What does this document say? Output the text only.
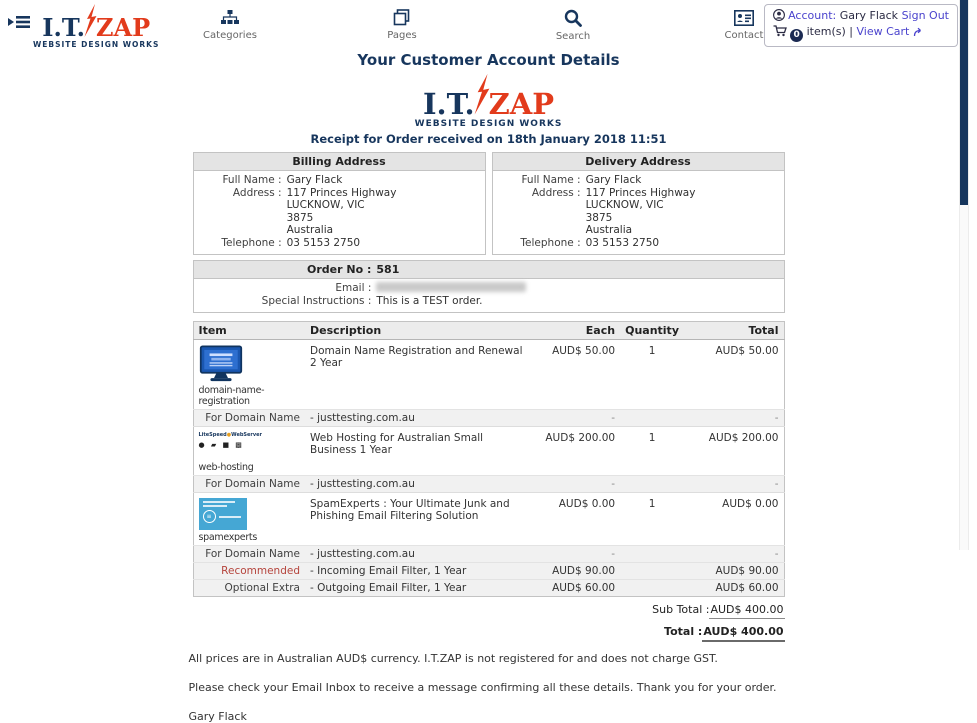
I.T. ZAP
WEBSITE DESIGN WORKS
Categories	Pages	Search	Contact
Account: Gary Flack Sign Out
0 item(s) | View Cart
Your Customer Account Details
I.T. ZAP
WEBSITE DESIGN WORKS
Receipt for Order received on 18th January 2018 11:51
Billing Address
Full Name : Gary Flack
Address : 117 Princes Highway
LUCKNOW, VIC
3875
Australia
Telephone : 03 5153 2750
Delivery Address
Full Name : Gary Flack
Address : 117 Princes Highway
LUCKNOW, VIC
3875
Australia
Telephone : 03 5153 2750
Order No : 581
Email :
Special Instructions : This is a TEST order.
Item	Description	Each	Quantity	Total

domain-name-registration	Domain Name Registration and Renewal 2 Year	AUD$ 50.00	1	AUD$ 50.00
For Domain Name	- justtesting.com.au	-		-

LiteSpeed●WebServer
● ▰ ■ ▩
web-hosting	Web Hosting for Australian Small Business 1 Year	AUD$ 200.00	1	AUD$ 200.00
For Domain Name	- justtesting.com.au	-		-

≡
spamexperts	SpamExperts : Your Ultimate Junk and Phishing Email Filtering Solution	AUD$ 0.00	1	AUD$ 0.00
For Domain Name	- justtesting.com.au	-		-
Recommended	- Incoming Email Filter, 1 Year	AUD$ 90.00		AUD$ 90.00
Optional Extra	- Outgoing Email Filter, 1 Year	AUD$ 60.00		AUD$ 60.00
Sub Total :AUD$ 400.00
Total :AUD$ 400.00

All prices are in Australian AUD$ currency. I.T.ZAP is not registered for and does not charge GST.

Please check your Email Inbox to receive a message confirming all these details. Thank you for your order.

Gary Flack
